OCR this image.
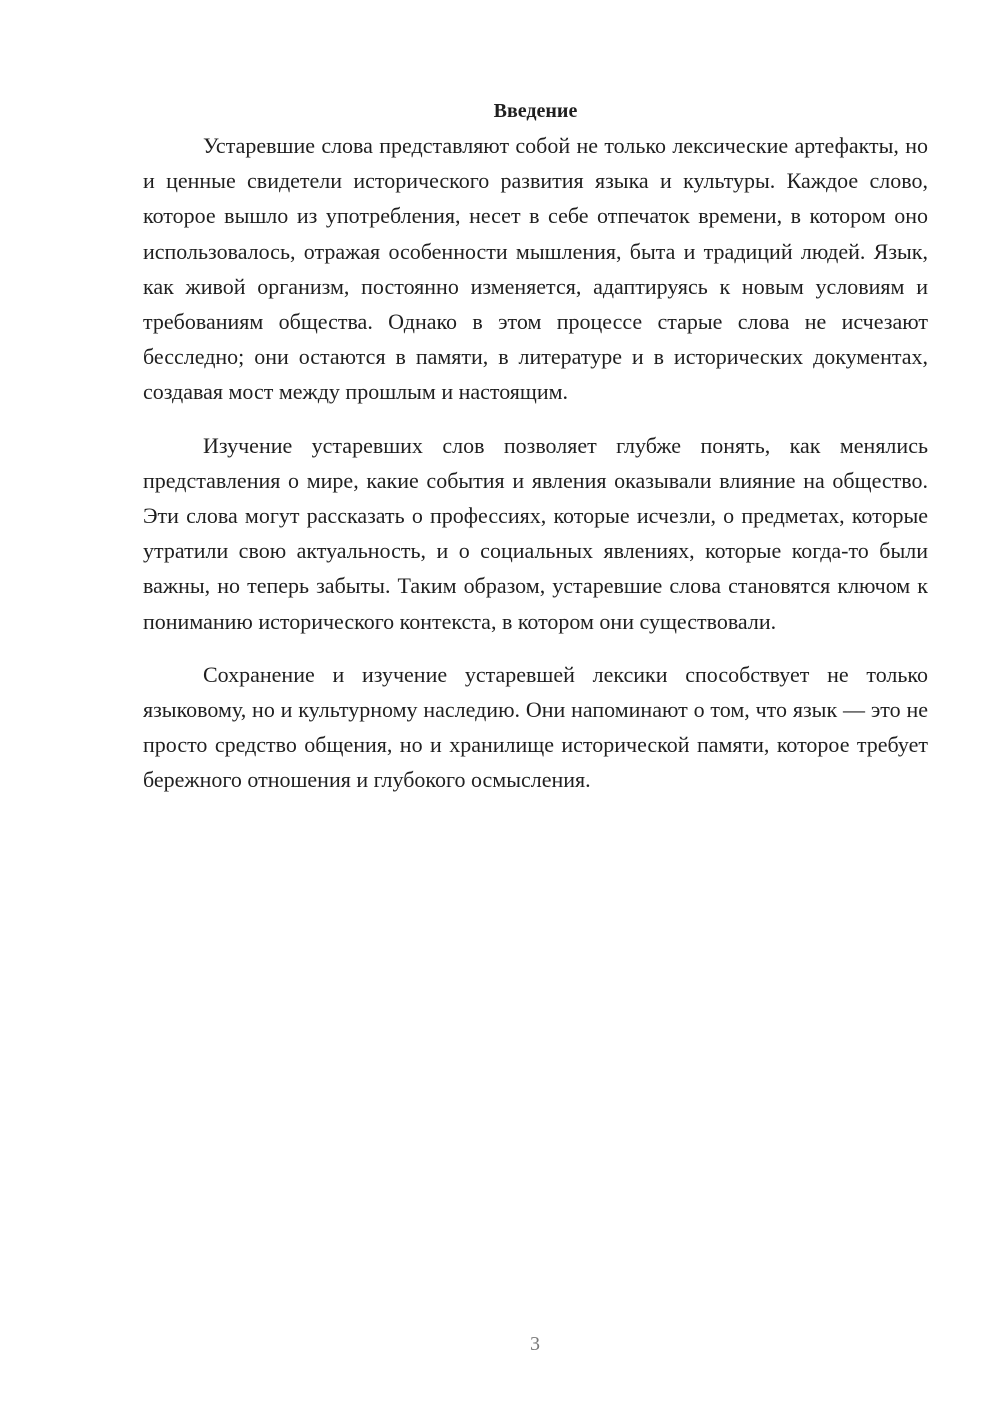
Введение

Устаревшие слова представляют собой не только лексические артефакты, но и ценные свидетели исторического развития языка и культуры. Каждое слово, которое вышло из употребления, несет в себе отпечаток времени, в котором оно использовалось, отражая особенности мышления, быта и традиций людей. Язык, как живой организм, постоянно изменяется, адаптируясь к новым условиям и требованиям общества. Однако в этом процессе старые слова не исчезают бесследно; они остаются в памяти, в литературе и в исторических документах, создавая мост между прошлым и настоящим.

Изучение устаревших слов позволяет глубже понять, как менялись представления о мире, какие события и явления оказывали влияние на общество. Эти слова могут рассказать о профессиях, которые исчезли, о предметах, которые утратили свою актуальность, и о социальных явлениях, которые когда-то были важны, но теперь забыты. Таким образом, устаревшие слова становятся ключом к пониманию исторического контекста, в котором они существовали.

Сохранение и изучение устаревшей лексики способствует не только языковому, но и культурному наследию. Они напоминают о том, что язык — это не просто средство общения, но и хранилище исторической памяти, которое требует бережного отношения и глубокого осмысления.

3
